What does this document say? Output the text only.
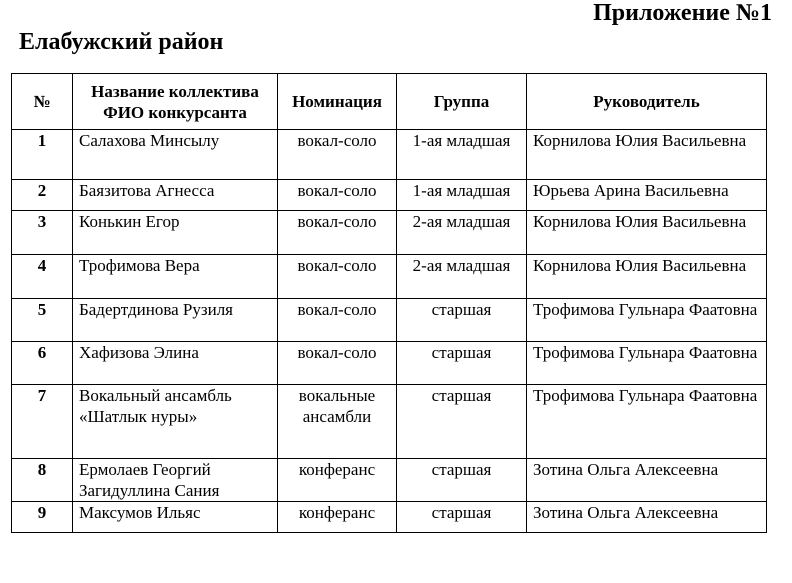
Приложение №1
Елабужский район
№	Название коллектива ФИО конкурсанта	Номинация	Группа	Руководитель
1	Салахова Минсылу	вокал-соло	1-ая младшая	Корнилова Юлия Васильевна
2	Баязитова Агнесса	вокал-соло	1-ая младшая	Юрьева Арина Васильевна
3	Конькин Егор	вокал-соло	2-ая младшая	Корнилова Юлия Васильевна
4	Трофимова Вера	вокал-соло	2-ая младшая	Корнилова Юлия Васильевна
5	Бадертдинова Рузиля	вокал-соло	старшая	Трофимова Гульнара Фаатовна
6	Хафизова Элина	вокал-соло	старшая	Трофимова Гульнара Фаатовна
7	Вокальный ансамбль «Шатлык нуры»	вокальные ансамбли	старшая	Трофимова Гульнара Фаатовна
8	Ермолаев Георгий Загидуллина Сания	конферанс	старшая	Зотина Ольга Алексеевна
9	Максумов Ильяс	конферанс	старшая	Зотина Ольга Алексеевна
